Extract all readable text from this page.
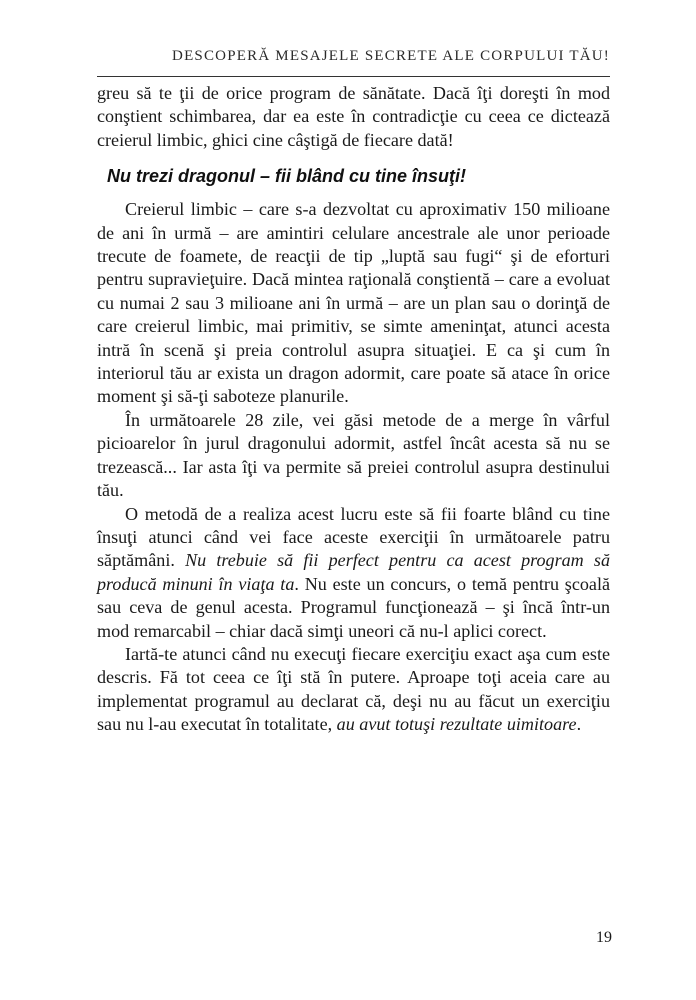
DESCOPERĂ MESAJELE SECRETE ALE CORPULUI TĂU!

greu să te ţii de orice program de sănătate. Dacă îţi doreşti în mod conştient schimbarea, dar ea este în contradicţie cu ceea ce dictează creierul limbic, ghici cine câştigă de fiecare dată!

Nu trezi dragonul – fii blând cu tine însuţi!

Creierul limbic – care s-a dezvoltat cu aproximativ 150 milioane de ani în urmă – are amintiri celulare ancestrale ale unor perioade trecute de foamete, de reacţii de tip „luptă sau fugi“ şi de eforturi pentru supravieţuire. Dacă mintea raţională conştientă – care a evoluat cu numai 2 sau 3 milioane ani în urmă – are un plan sau o dorinţă de care creierul limbic, mai primitiv, se simte ameninţat, atunci acesta intră în scenă şi preia controlul asupra situaţiei. E ca şi cum în interiorul tău ar exista un dragon adormit, care poate să atace în orice moment şi să-ţi saboteze planurile.

În următoarele 28 zile, vei găsi metode de a merge în vârful picioarelor în jurul dragonului adormit, astfel încât acesta să nu se trezească... Iar asta îţi va permite să preiei controlul asupra destinului tău.

O metodă de a realiza acest lucru este să fii foarte blând cu tine însuţi atunci când vei face aceste exerciţii în următoarele patru săptămâni. Nu trebuie să fii perfect pentru ca acest program să producă minuni în viaţa ta. Nu este un concurs, o temă pentru şcoală sau ceva de genul acesta. Programul funcţionează – şi încă într-un mod remarcabil – chiar dacă simţi uneori că nu-l aplici corect.

Iartă-te atunci când nu execuţi fiecare exerciţiu exact aşa cum este descris. Fă tot ceea ce îţi stă în putere. Aproape toţi aceia care au implementat programul au declarat că, deşi nu au făcut un exerciţiu sau nu l-au executat în totalitate, au avut totuşi rezultate uimitoare.

19
